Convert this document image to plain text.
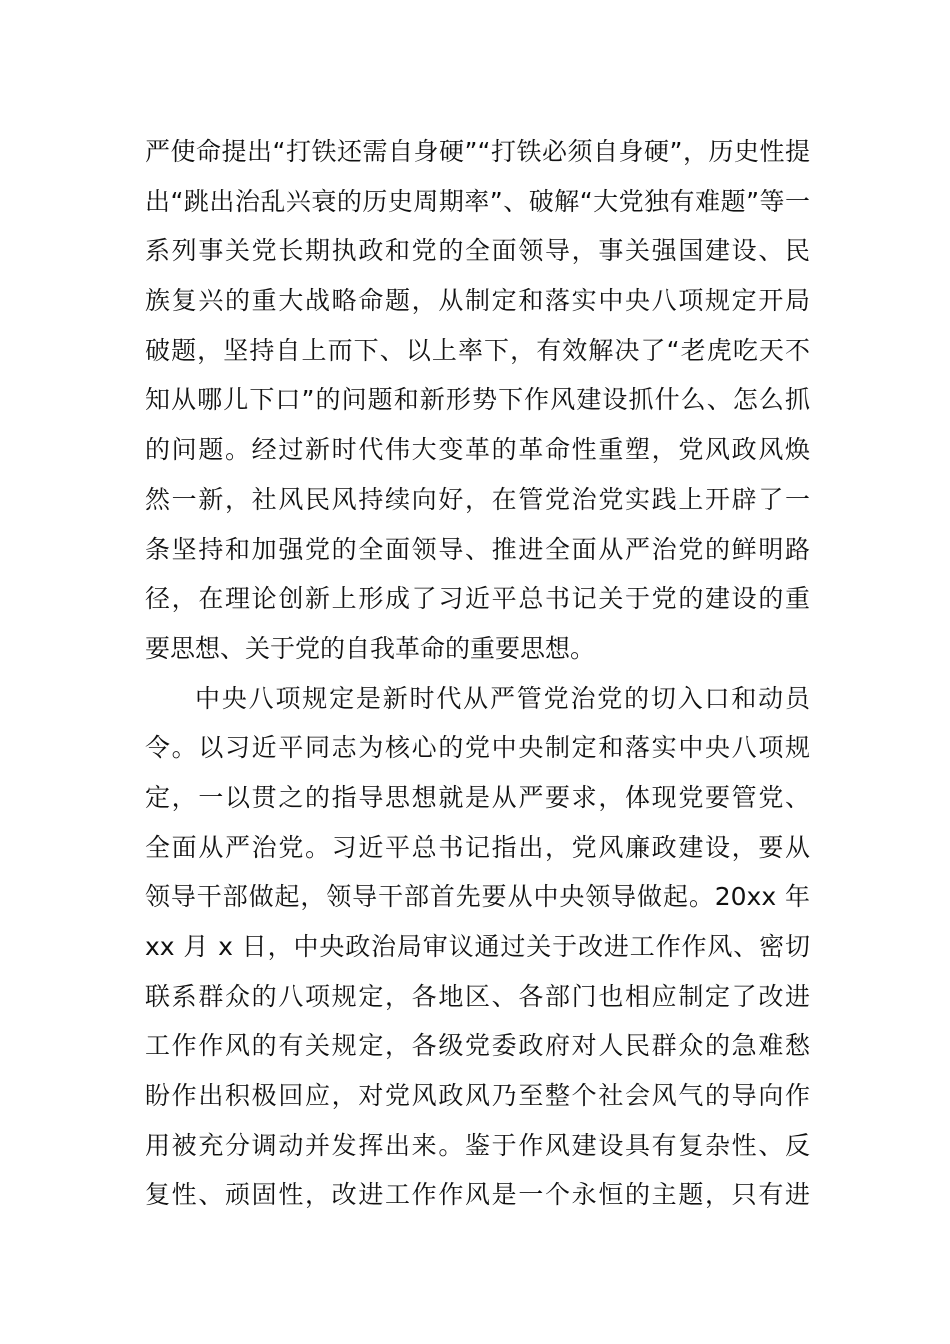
严使命提出“打铁还需自身硬”“打铁必须自身硬”，历史性提
出“跳出治乱兴衰的历史周期率”、破解“大党独有难题”等一
系列事关党长期执政和党的全面领导，事关强国建设、民
族复兴的重大战略命题，从制定和落实中央八项规定开局
破题，坚持自上而下、以上率下，有效解决了“老虎吃天不
知从哪儿下口”的问题和新形势下作风建设抓什么、怎么抓
的问题。经过新时代伟大变革的革命性重塑，党风政风焕
然一新，社风民风持续向好，在管党治党实践上开辟了一
条坚持和加强党的全面领导、推进全面从严治党的鲜明路
径，在理论创新上形成了习近平总书记关于党的建设的重
要思想、关于党的自我革命的重要思想。
中央八项规定是新时代从严管党治党的切入口和动员
令。以习近平同志为核心的党中央制定和落实中央八项规
定，一以贯之的指导思想就是从严要求，体现党要管党、
全面从严治党。习近平总书记指出，党风廉政建设，要从
领导干部做起，领导干部首先要从中央领导做起。20xx 年
xx 月 x 日，中央政治局审议通过关于改进工作作风、密切
联系群众的八项规定，各地区、各部门也相应制定了改进
工作作风的有关规定，各级党委政府对人民群众的急难愁
盼作出积极回应，对党风政风乃至整个社会风气的导向作
用被充分调动并发挥出来。鉴于作风建设具有复杂性、反
复性、顽固性，改进工作作风是一个永恒的主题，只有进
